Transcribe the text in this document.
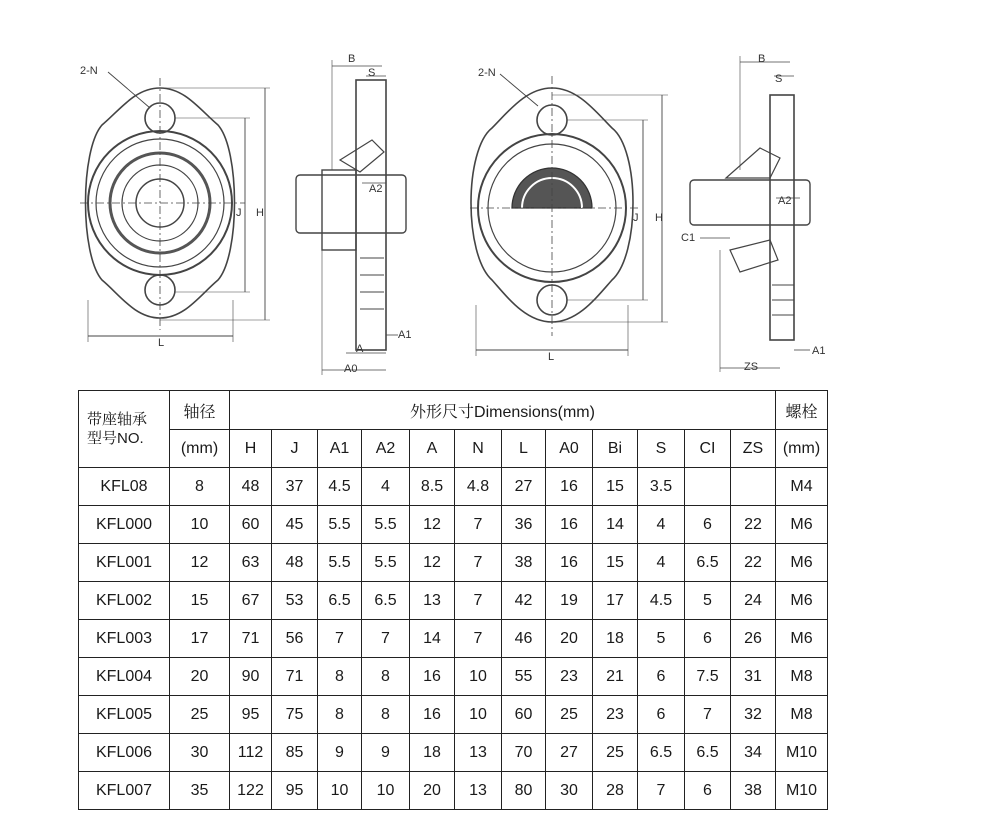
2-N
J H
L
B
S
A2
A
A1
A0
2-N
J H
L
B
S
A2
C1
ZS
A1
带座轴承
型号NO.	轴径	外形尺寸Dimensions(mm)												螺栓
	(mm)	H	J	A1	A2	A	N	L	A0	Bi	S	CI	ZS	(mm)
KFL08	8	48	37	4.5	4	8.5	4.8	27	16	15	3.5			M4
KFL000	10	60	45	5.5	5.5	12	7	36	16	14	4	6	22	M6
KFL001	12	63	48	5.5	5.5	12	7	38	16	15	4	6.5	22	M6
KFL002	15	67	53	6.5	6.5	13	7	42	19	17	4.5	5	24	M6
KFL003	17	71	56	7	7	14	7	46	20	18	5	6	26	M6
KFL004	20	90	71	8	8	16	10	55	23	21	6	7.5	31	M8
KFL005	25	95	75	8	8	16	10	60	25	23	6	7	32	M8
KFL006	30	112	85	9	9	18	13	70	27	25	6.5	6.5	34	M10
KFL007	35	122	95	10	10	20	13	80	30	28	7	6	38	M10
